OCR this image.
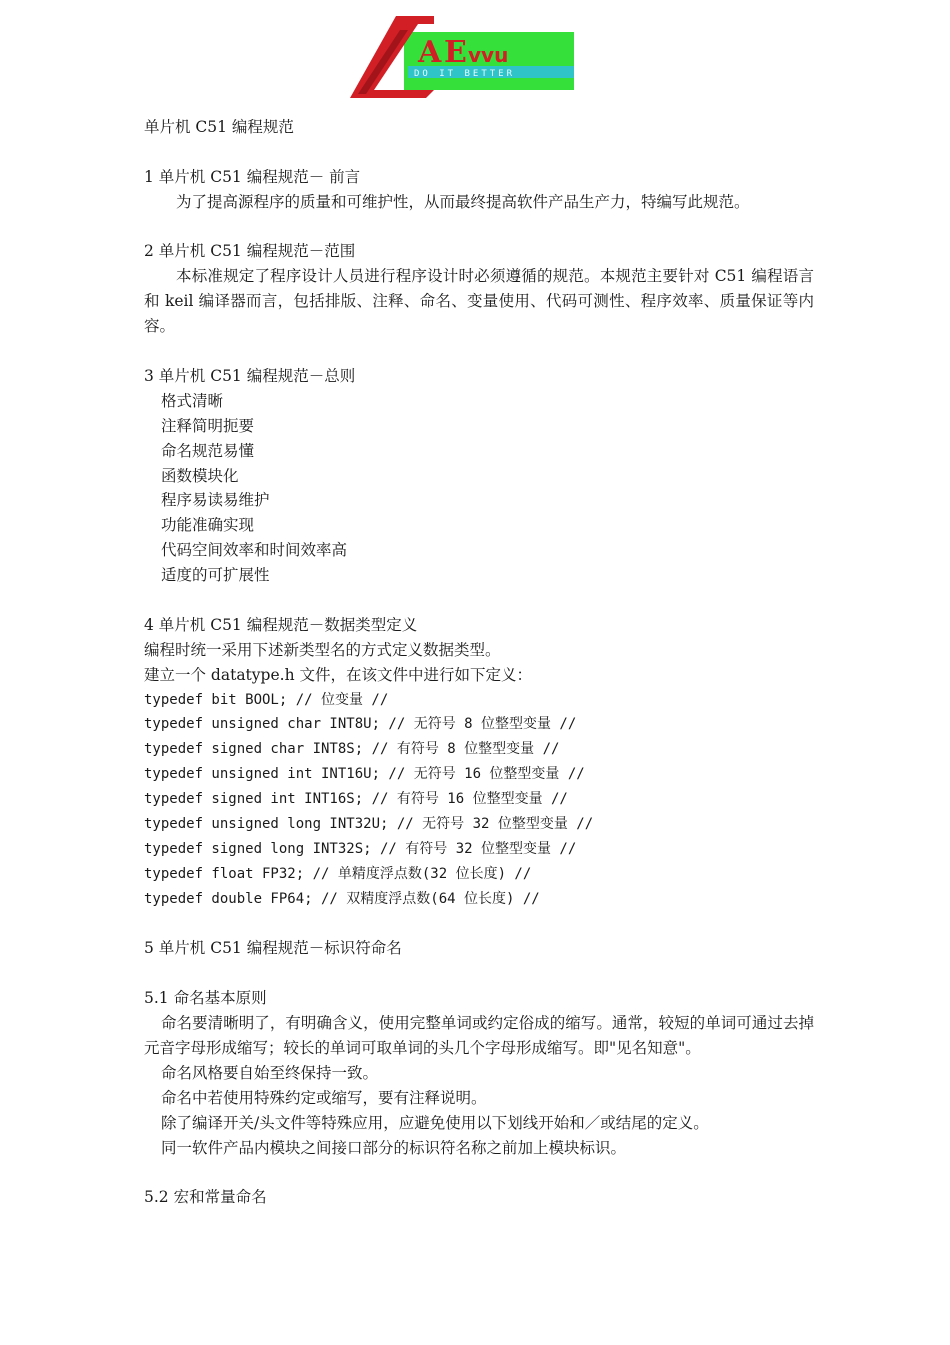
A E vvu
DO IT BETTER
单片机 C51 编程规范
1 单片机 C51 编程规范－ 前言
为了提高源程序的质量和可维护性，从而最终提高软件产品生产力，特编写此规范。
2 单片机 C51 编程规范－范围
本标准规定了程序设计人员进行程序设计时必须遵循的规范。本规范主要针对 C51 编程语言和 keil 编译器而言，包括排版、注释、命名、变量使用、代码可测性、程序效率、质量保证等内容。
3 单片机 C51 编程规范－总则
格式清晰
注释简明扼要
命名规范易懂
函数模块化
程序易读易维护
功能准确实现
代码空间效率和时间效率高
适度的可扩展性
4 单片机 C51 编程规范－数据类型定义
编程时统一采用下述新类型名的方式定义数据类型。
建立一个 datatype.h 文件，在该文件中进行如下定义：
typedef bit BOOL; // 位变量 //
typedef unsigned char INT8U; // 无符号 8 位整型变量 //
typedef signed char INT8S; // 有符号 8 位整型变量 //
typedef unsigned int INT16U; // 无符号 16 位整型变量 //
typedef signed int INT16S; // 有符号 16 位整型变量 //
typedef unsigned long INT32U; // 无符号 32 位整型变量 //
typedef signed long INT32S; // 有符号 32 位整型变量 //
typedef float FP32; // 单精度浮点数(32 位长度) //
typedef double FP64; // 双精度浮点数(64 位长度) //
5 单片机 C51 编程规范－标识符命名
5.1 命名基本原则
命名要清晰明了，有明确含义，使用完整单词或约定俗成的缩写。通常，较短的单词可通过去掉元音字母形成缩写；较长的单词可取单词的头几个字母形成缩写。即"见名知意"。
命名风格要自始至终保持一致。
命名中若使用特殊约定或缩写，要有注释说明。
除了编译开关/头文件等特殊应用，应避免使用以下划线开始和／或结尾的定义。
同一软件产品内模块之间接口部分的标识符名称之前加上模块标识。
5.2 宏和常量命名
